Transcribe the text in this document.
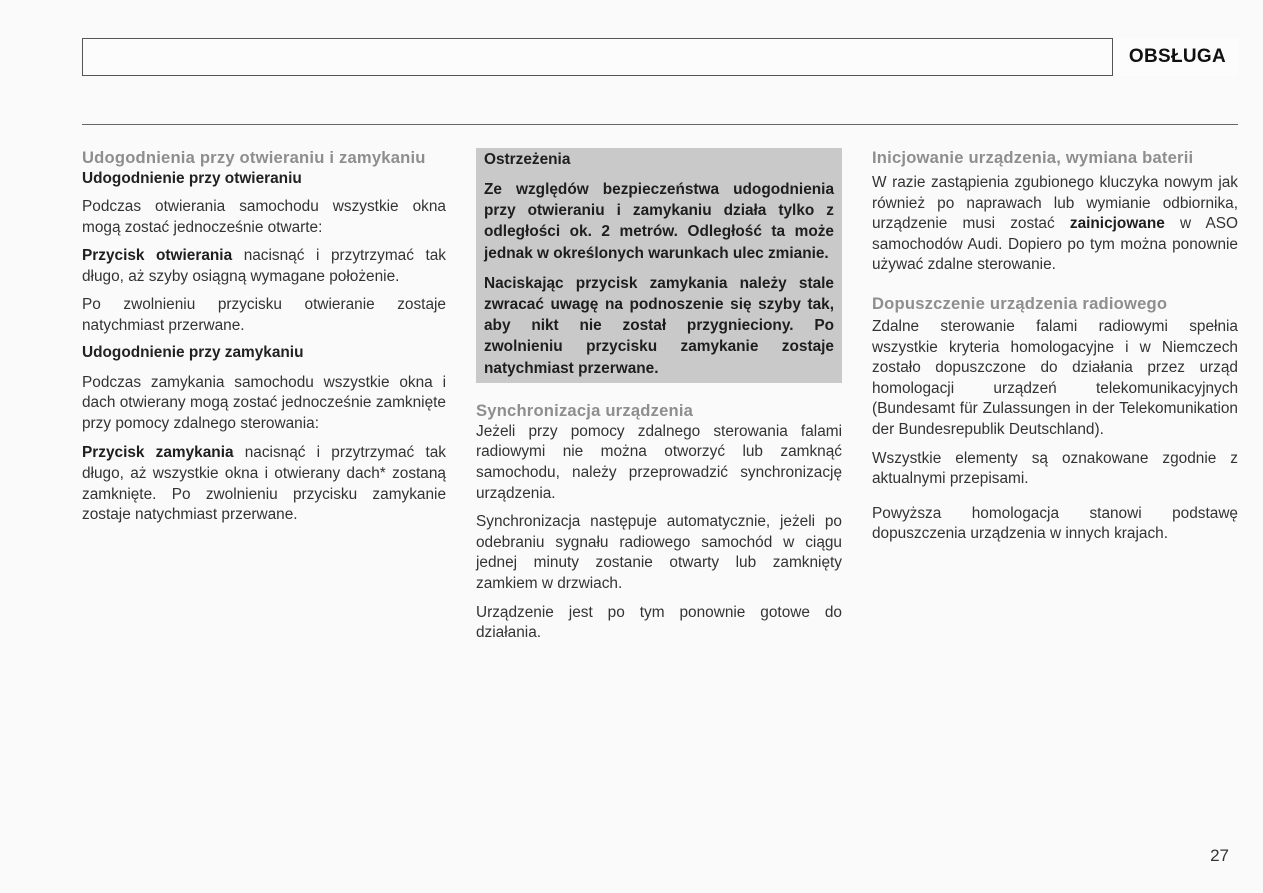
OBSŁUGA
Udogodnienia przy otwieraniu i zamykaniu
Udogodnienie przy otwieraniu

Podczas otwierania samochodu wszystkie okna mogą zostać jednocześnie otwarte:

Przycisk otwierania nacisnąć i przytrzymać tak długo, aż szyby osiągną wymagane położenie.

Po zwolnieniu przycisku otwieranie zostaje natychmiast przerwane.

Udogodnienie przy zamykaniu

Podczas zamykania samochodu wszystkie okna i dach otwierany mogą zostać jednocześnie zamknięte przy pomocy zdalnego sterowania:

Przycisk zamykania nacisnąć i przytrzymać tak długo, aż wszystkie okna i otwierany dach* zostaną zamknięte. Po zwolnieniu przycisku zamykanie zostaje natychmiast przerwane.

Ostrzeżenia
Ze względów bezpieczeństwa udogodnienia przy otwieraniu i zamykaniu działa tylko z odległości ok. 2 metrów. Odległość ta może jednak w określonych warunkach ulec zmianie.
Naciskając przycisk zamykania należy stale zwracać uwagę na podnoszenie się szyby tak, aby nikt nie został przygnieciony. Po zwolnieniu przycisku zamykanie zostaje natychmiast przerwane.
Synchronizacja urządzenia

Jeżeli przy pomocy zdalnego sterowania falami radiowymi nie można otworzyć lub zamknąć samochodu, należy przeprowadzić synchronizację urządzenia.

Synchronizacja następuje automatycznie, jeżeli po odebraniu sygnału radiowego samochód w ciągu jednej minuty zostanie otwarty lub zamknięty zamkiem w drzwiach.

Urządzenie jest po tym ponownie gotowe do działania.

Inicjowanie urządzenia, wymiana baterii

W razie zastąpienia zgubionego kluczyka nowym jak również po naprawach lub wymianie odbiornika, urządzenie musi zostać zainicjowane w ASO samochodów Audi. Dopiero po tym można ponownie używać zdalne sterowanie.

Dopuszczenie urządzenia radiowego

Zdalne sterowanie falami radiowymi spełnia wszystkie kryteria homologacyjne i w Niemczech zostało dopuszczone do działania przez urząd homologacji urządzeń telekomunikacyjnych (Bundesamt für Zulassungen in der Telekomunikation der Bundesrepublik Deutschland).

Wszystkie elementy są oznakowane zgodnie z aktualnymi przepisami.

Powyższa homologacja stanowi podstawę dopuszczenia urządzenia w innych krajach.

27
